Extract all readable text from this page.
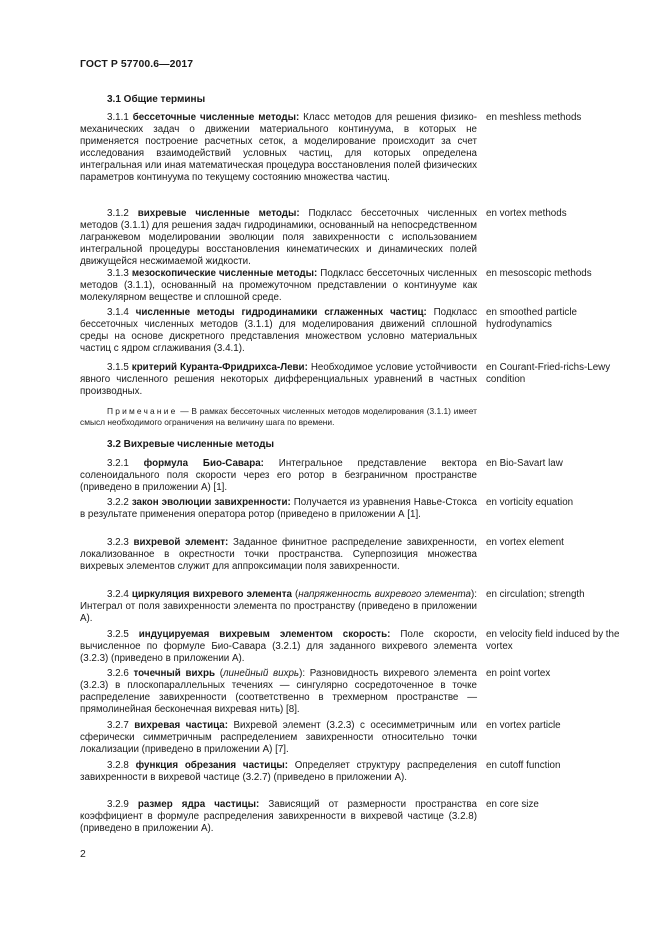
ГОСТ Р 57700.6—2017
3.1 Общие термины
3.1.1 бессеточные численные методы: Класс методов для решения физико-механических задач о движении материального континуума, в которых не применяется построение расчетных сеток, а моделирование происходит за счет исследования взаимодействий условных частиц, для которых определена интегральная или иная математическая процедура восстановления полей физических параметров континуума по текущему состоянию множества частиц.
en meshless methods
3.1.2 вихревые численные методы: Подкласс бессеточных численных методов (3.1.1) для решения задач гидродинамики, основанный на непосредственном лагранжевом моделировании эволюции поля завихренности с использованием интегральной процедуры восстановления кинематических и динамических полей движущейся несжимаемой жидкости.
en vortex methods
3.1.3 мезоскопические численные методы: Подкласс бессеточных численных методов (3.1.1), основанный на промежуточном представлении о континууме как молекулярном веществе и сплошной среде.
en mesoscopic methods
3.1.4 численные методы гидродинамики сглаженных частиц: Подкласс бессеточных численных методов (3.1.1) для моделирования движений сплошной среды на основе дискретного представления множеством условно материальных частиц с ядром сглаживания (3.4.1).
en smoothed particle hydrodynamics
3.1.5 критерий Куранта-Фридрихса-Леви: Необходимое условие устойчивости явного численного решения некоторых дифференциальных уравнений в частных производных.
en Courant-Fried-richs-Lewy condition
Примечание — В рамках бессеточных численных методов моделирования (3.1.1) имеет смысл необходимого ограничения на величину шага по времени.
3.2 Вихревые численные методы
3.2.1 формула Био-Савара: Интегральное представление вектора соленоидального поля скорости через его ротор в безграничном пространстве (приведено в приложении А) [1].
en Bio-Savart law
3.2.2 закон эволюции завихренности: Получается из уравнения Навье-Стокса в результате применения оператора ротор (приведено в приложении А [1].
en vorticity equation
3.2.3 вихревой элемент: Заданное финитное распределение завихренности, локализованное в окрестности точки пространства. Суперпозиция множества вихревых элементов служит для аппроксимации поля завихренности.
en vortex element
3.2.4 циркуляция вихревого элемента (напряженность вихревого элемента): Интеграл от поля завихренности элемента по пространству (приведено в приложении А).
en circulation; strength
3.2.5 индуцируемая вихревым элементом скорость: Поле скорости, вычисленное по формуле Био-Савара (3.2.1) для заданного вихревого элемента (3.2.3) (приведено в приложении А).
en velocity field induced by the vortex
3.2.6 точечный вихрь (линейный вихрь): Разновидность вихревого элемента (3.2.3) в плоскопараллельных течениях — сингулярно сосредоточенное в точке распределение завихренности (соответственно в трехмерном пространстве — прямолинейная бесконечная вихревая нить) [8].
en point vortex
3.2.7 вихревая частица: Вихревой элемент (3.2.3) с осесимметричным или сферически симметричным распределением завихренности относительно точки локализации (приведено в приложении А) [7].
en vortex particle
3.2.8 функция обрезания частицы: Определяет структуру распределения завихренности в вихревой частице (3.2.7) (приведено в приложении А).
en cutoff function
3.2.9 размер ядра частицы: Зависящий от размерности пространства коэффициент в формуле распределения завихренности в вихревой частице (3.2.8) (приведено в приложении А).
en core size
2
